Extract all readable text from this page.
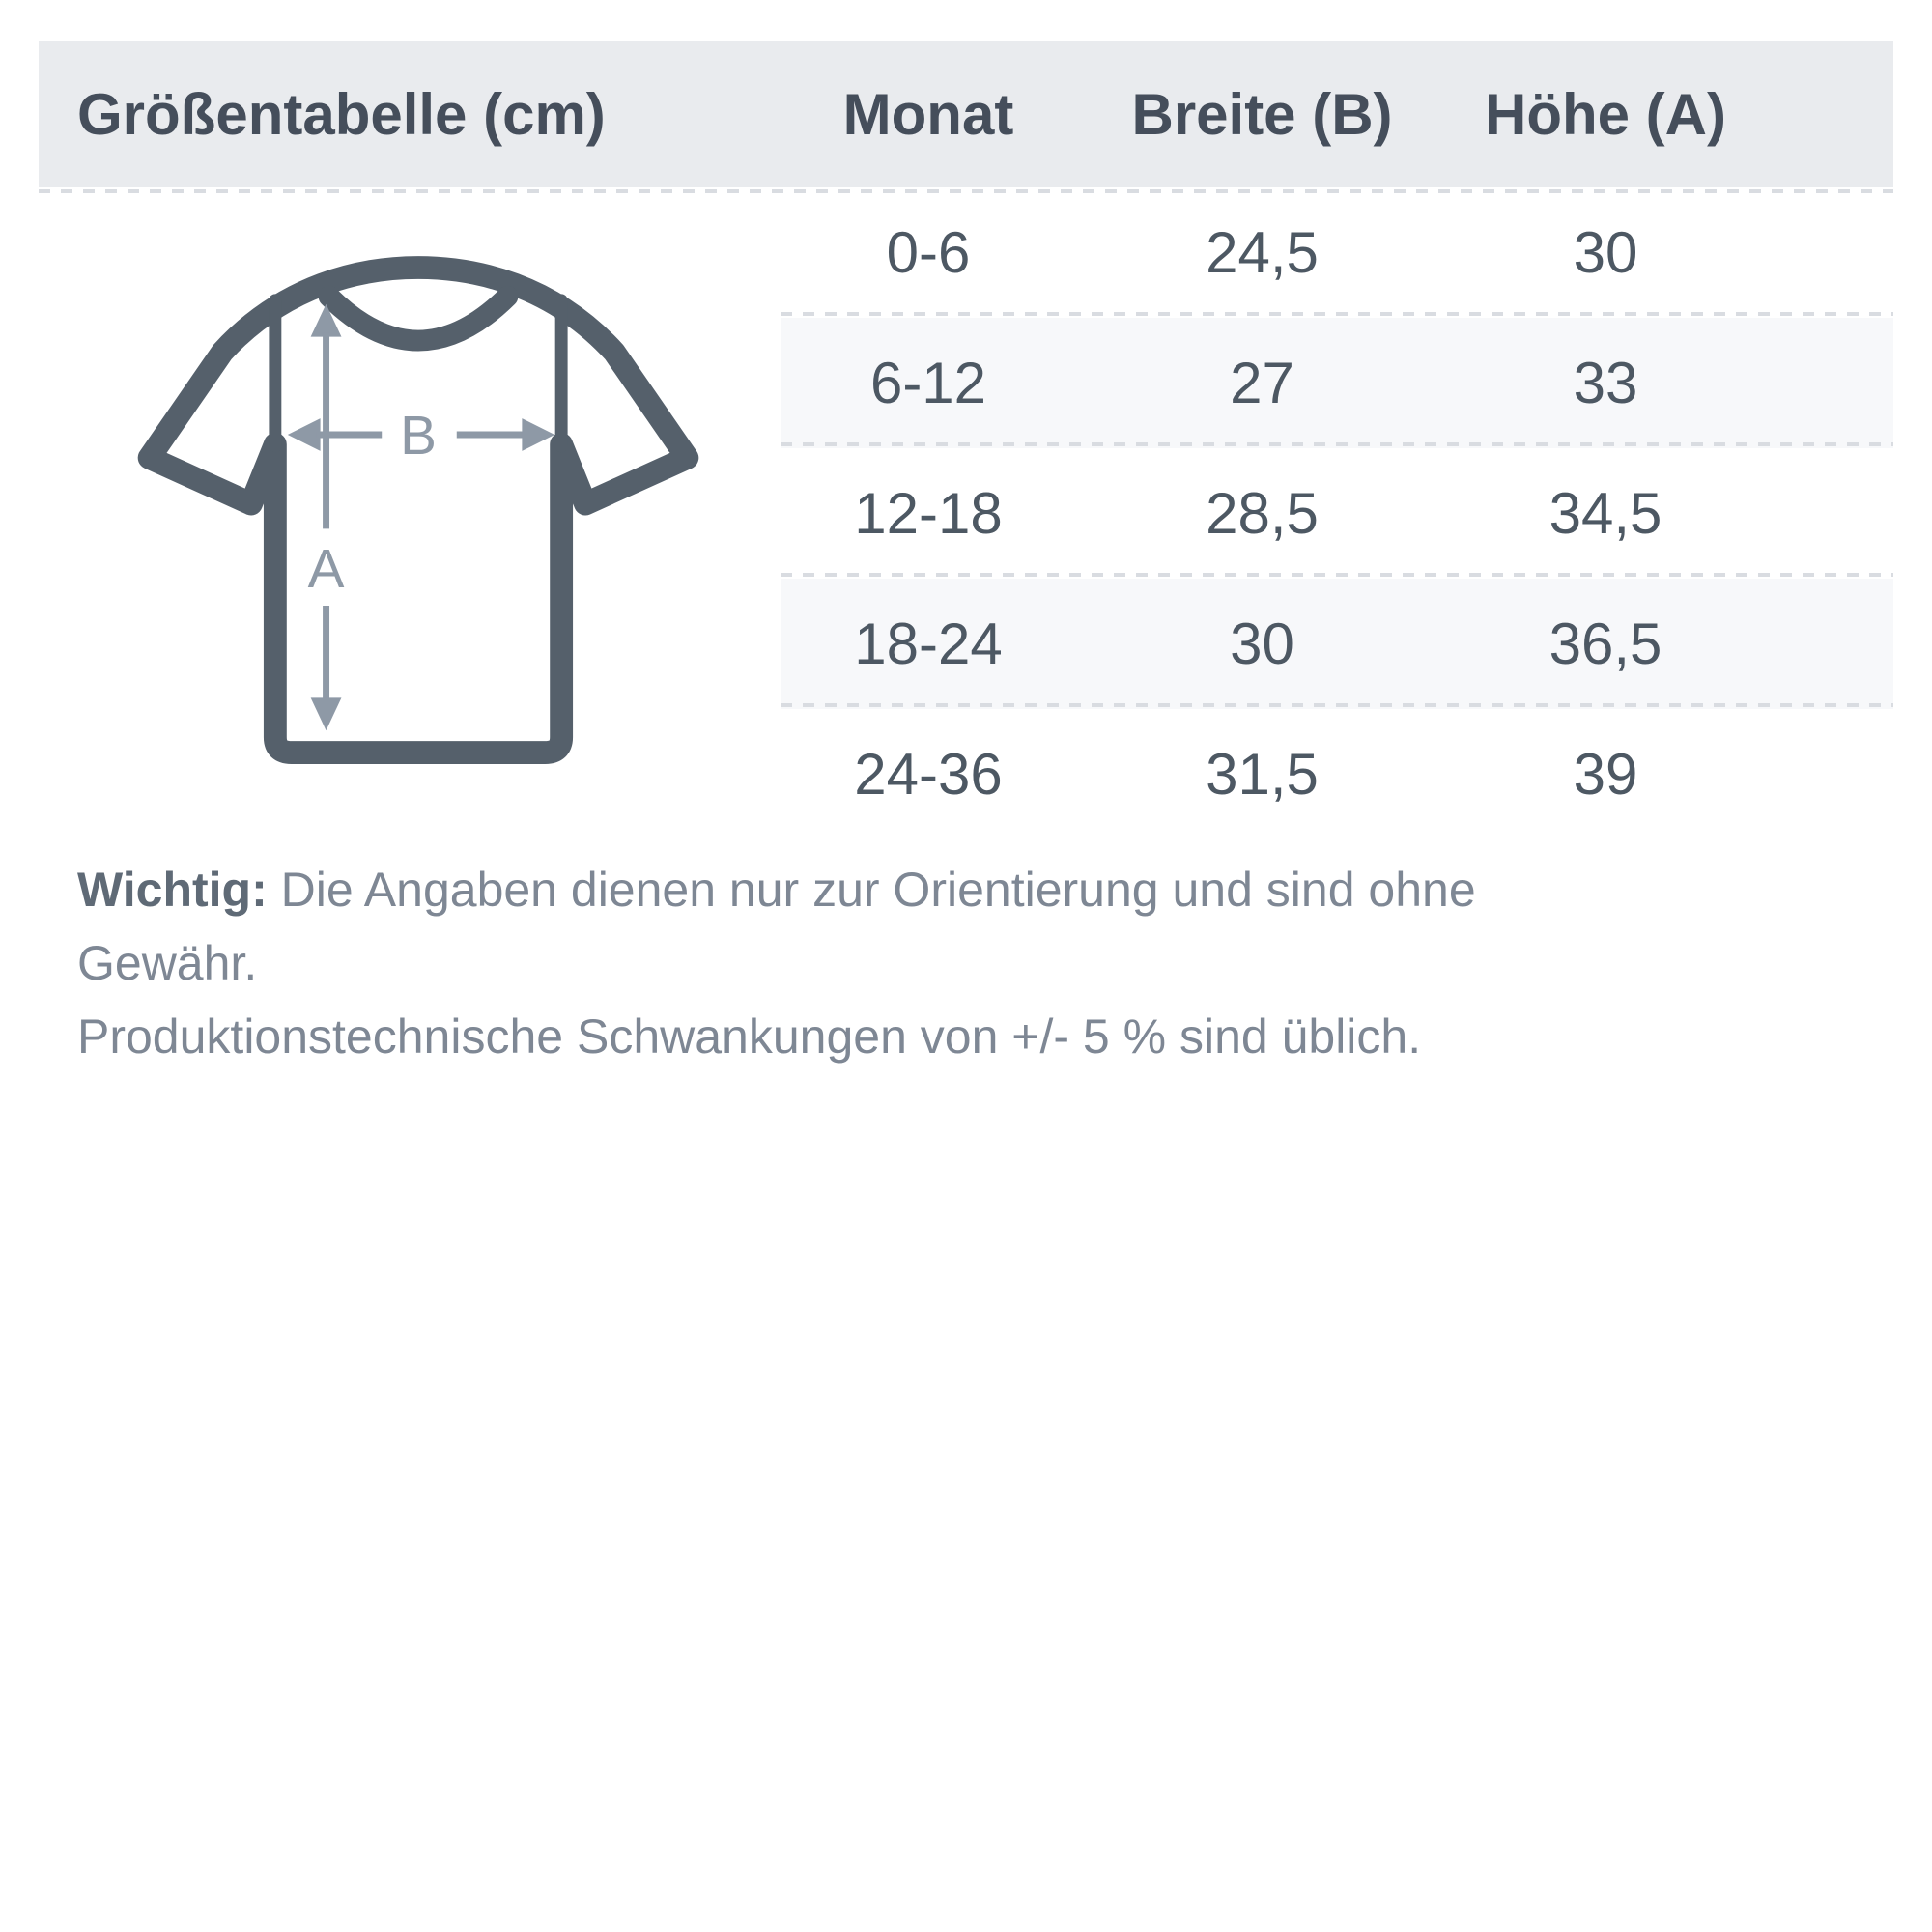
Größentabelle (cm)	Monat	Breite (B)	Höhe (A)
0-6	24,5	30
6-12	27	33
12-18	28,5	34,5
18-24	30	36,5
24-36	31,5	39
A
B

Wichtig: Die Angaben dienen nur zur Orientierung und sind ohne Gewähr.

Produktionstechnische Schwankungen von +/- 5 % sind üblich.
